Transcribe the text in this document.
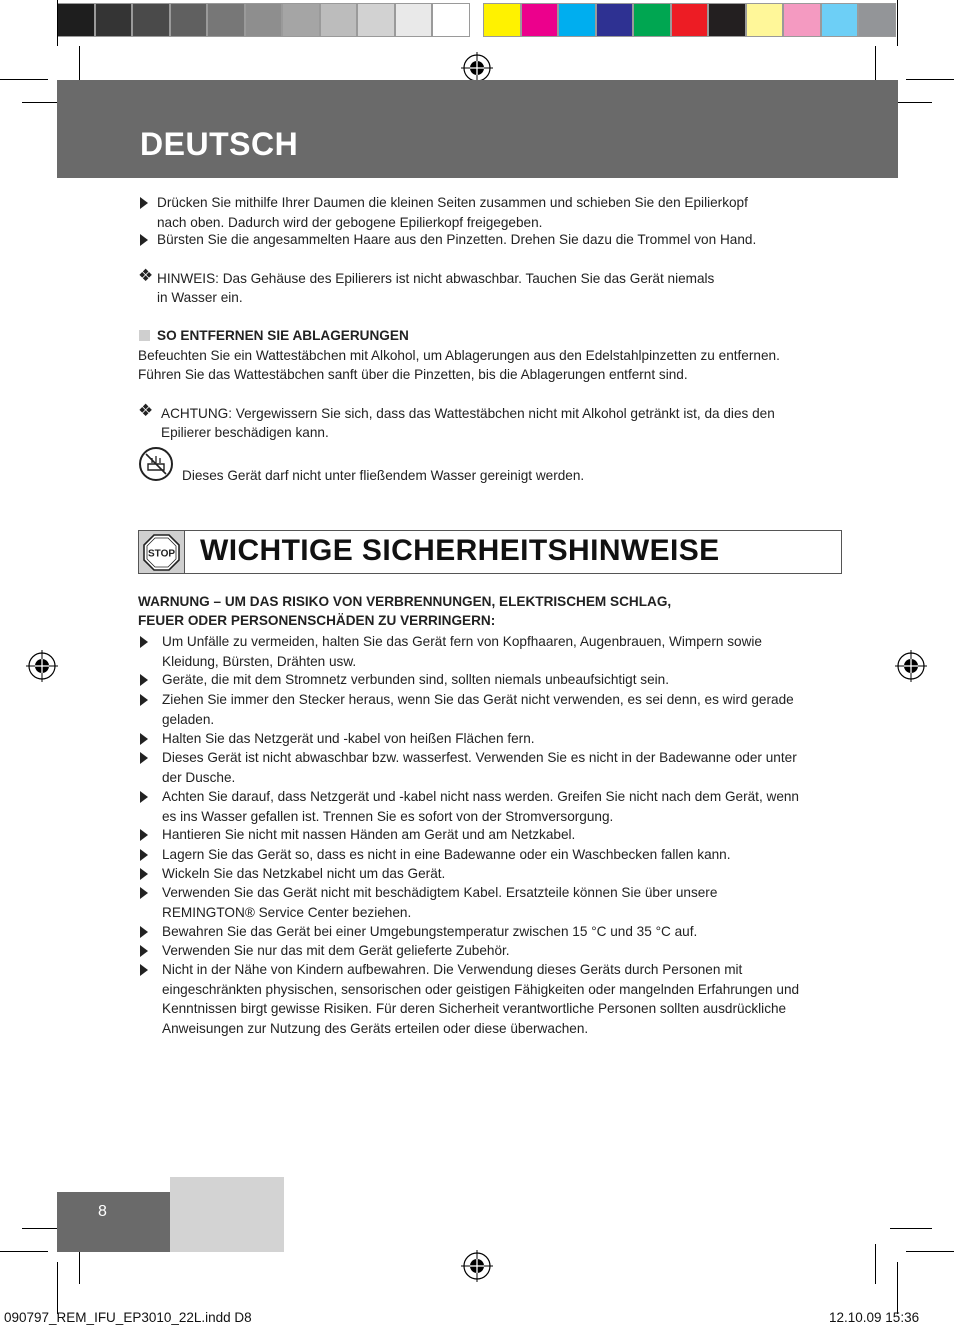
DEUTSCH
Drücken Sie mithilfe Ihrer Daumen die kleinen Seiten zusammen und schieben Sie den Epilierkopf
nach oben. Dadurch wird der gebogene Epilierkopf freigegeben.
Bürsten Sie die angesammelten Haare aus den Pinzetten. Drehen Sie dazu die Trommel von Hand.
❖ HINWEIS: Das Gehäuse des Epilierers ist nicht abwaschbar. Tauchen Sie das Gerät niemals
in Wasser ein.
SO ENTFERNEN SIE ABLAGERUNGEN
Befeuchten Sie ein Wattestäbchen mit Alkohol, um Ablagerungen aus den Edelstahlpinzetten zu entfernen.
Führen Sie das Wattestäbchen sanft über die Pinzetten, bis die Ablagerungen entfernt sind.
❖ ACHTUNG: Vergewissern Sie sich, dass das Wattestäbchen nicht mit Alkohol getränkt ist, da dies den
Epilierer beschädigen kann.
Dieses Gerät darf nicht unter fließendem Wasser gereinigt werden.
STOP WICHTIGE SICHERHEITSHINWEISE
WARNUNG – UM DAS RISIKO VON VERBRENNUNGEN, ELEKTRISCHEM SCHLAG,
FEUER ODER PERSONENSCHÄDEN ZU VERRINGERN:
Um Unfälle zu vermeiden, halten Sie das Gerät fern von Kopfhaaren, Augenbrauen, Wimpern sowie
Kleidung, Bürsten, Drähten usw.
Geräte, die mit dem Stromnetz verbunden sind, sollten niemals unbeaufsichtigt sein.
Ziehen Sie immer den Stecker heraus, wenn Sie das Gerät nicht verwenden, es sei denn, es wird gerade
geladen.
Halten Sie das Netzgerät und -kabel von heißen Flächen fern.
Dieses Gerät ist nicht abwaschbar bzw. wasserfest. Verwenden Sie es nicht in der Badewanne oder unter
der Dusche.
Achten Sie darauf, dass Netzgerät und -kabel nicht nass werden. Greifen Sie nicht nach dem Gerät, wenn
es ins Wasser gefallen ist. Trennen Sie es sofort von der Stromversorgung.
Hantieren Sie nicht mit nassen Händen am Gerät und am Netzkabel.
Lagern Sie das Gerät so, dass es nicht in eine Badewanne oder ein Waschbecken fallen kann.
Wickeln Sie das Netzkabel nicht um das Gerät.
Verwenden Sie das Gerät nicht mit beschädigtem Kabel. Ersatzteile können Sie über unsere
REMINGTON® Service Center beziehen.
Bewahren Sie das Gerät bei einer Umgebungstemperatur zwischen 15 °C und 35 °C auf.
Verwenden Sie nur das mit dem Gerät gelieferte Zubehör.
Nicht in der Nähe von Kindern aufbewahren. Die Verwendung dieses Geräts durch Personen mit
eingeschränkten physischen, sensorischen oder geistigen Fähigkeiten oder mangelnden Erfahrungen und
Kenntnissen birgt gewisse Risiken. Für deren Sicherheit verantwortliche Personen sollten ausdrückliche
Anweisungen zur Nutzung des Geräts erteilen oder diese überwachen.
8
090797_REM_IFU_EP3010_22L.indd D8	12.10.09 15:36
